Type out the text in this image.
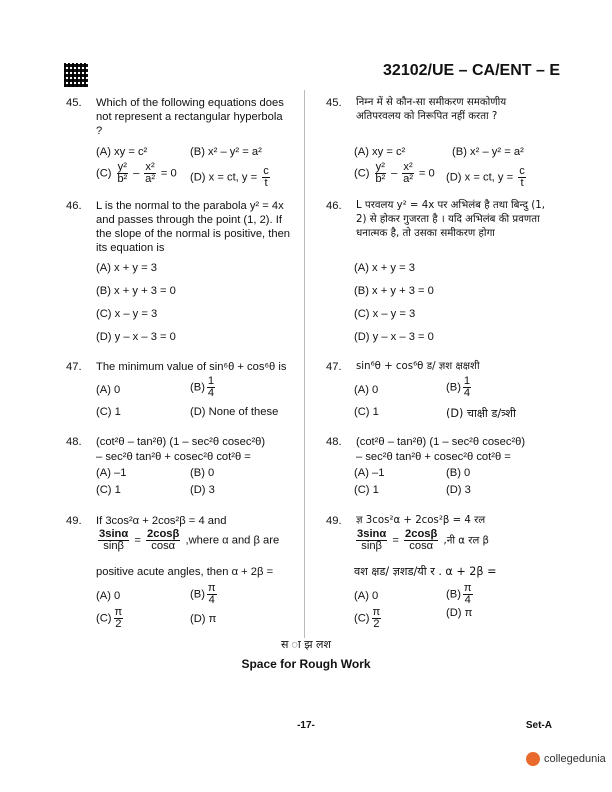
32102/UE – CA/ENT – E
45. Which of the following equations does not represent a rectangular hyperbola ?
(A) xy = c²	(B) x² – y² = a²
$(C) \frac{\text{y²}}{\text{b²}} - \frac{\text{x²}}{\text{a²}} = 0$ (D) x = ct, $y = \frac{c}{t}$
45. निम्न में से कौन-सा समीकरण समकोणीय अतिपरवलय को निरूपित नहीं करता ?
(A) xy = c²	(B) x² – y² = a²
$(C) \frac{\text{y²}}{\text{b²}} - \frac{\text{x²}}{\text{a²}} = 0$ (D) x = ct, $y = \frac{c}{t}$
46. L is the normal to the parabola y² = 4x and passes through the point (1, 2). If the slope of the normal is positive, then its equation is
(A) x + y = 3
(B) x + y + 3 = 0
(C) x – y = 3
(D) y – x – 3 = 0
46. L परवलय y² = 4x पर अभिलंब है तथा बिन्दु (1, 2) से होकर गुजरता है । यदि अभिलंब की प्रवणता धनात्मक है, तो उसका समीकरण होगा
(A) x + y = 3
(B) x + y + 3 = 0
(C) x – y = 3
(D) y – x – 3 = 0
47. The minimum value of sin⁶θ + cos⁶θ is
(A) 0	$(B) \frac{1}{4}$
(C) 1	(D) None of these
47. sin⁶θ + cos⁶θ ड/ ज्ञश क्षक्षशी
(A) 0	$(B) \frac{1}{4}$
(C) 1	(D) चाक्षी ड/त्र्शी
48. (cot²θ – tan²θ) (1 – sec²θ cosec²θ)
– sec²θ tan²θ + cosec²θ cot²θ =
(A) –1	(B) 0
(C) 1	(D) 3
48. (cot²θ – tan²θ) (1 – sec²θ cosec²θ)
– sec²θ tan²θ + cosec²θ cot²θ =
(A) –1	(B) 0
(C) 1	(D) 3
49. If 3cos²α + 2cos²β = 4 and
$\frac{3\sin\alpha}{\sin\beta} = \frac{2\cos\beta}{\cos\alpha}$ ,where α and β are
positive acute angles, then α + 2β =
(A) 0	$(B) \frac{\pi}{4}$
$(C) \frac{\pi}{2}$	(D) π
49. ज्ञ 3cos²α + 2cos²β = 4 रल
$\frac{3\sin\alpha}{\sin\beta} = \frac{2\cos\beta}{\cos\alpha}$ ,नी α रल β
वश क्षड/ ज्ञशड/यी र . α + 2β =
(A) 0	$(B) \frac{\pi}{4}$
$(C) \frac{\pi}{2}$	(D) π
स ा झ लश
Space for Rough Work
-17-	Set-A
collegedunia
